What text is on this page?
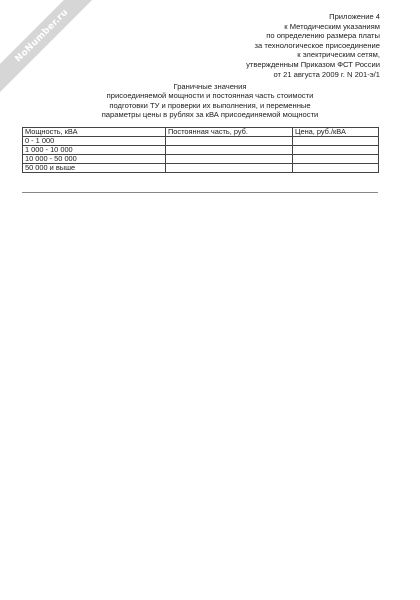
NoNumber.ru	Приложение 4
к Методическим указаниям
по определению размера платы
за технологическое присоединение
к электрическим сетям,
утвержденным Приказом ФСТ России
от 21 августа 2009 г. N 201-э/1
Граничные значения
присоединяемой мощности и постоянная часть стоимости
подготовки ТУ и проверки их выполнения, и переменные
параметры цены в рублях за кВА присоединяемой мощности
Мощность, кВА	Постоянная часть, руб.	Цена, руб./кВА
0 - 1 000		
1 000 - 10 000		
10 000 - 50 000		
50 000 и выше		
